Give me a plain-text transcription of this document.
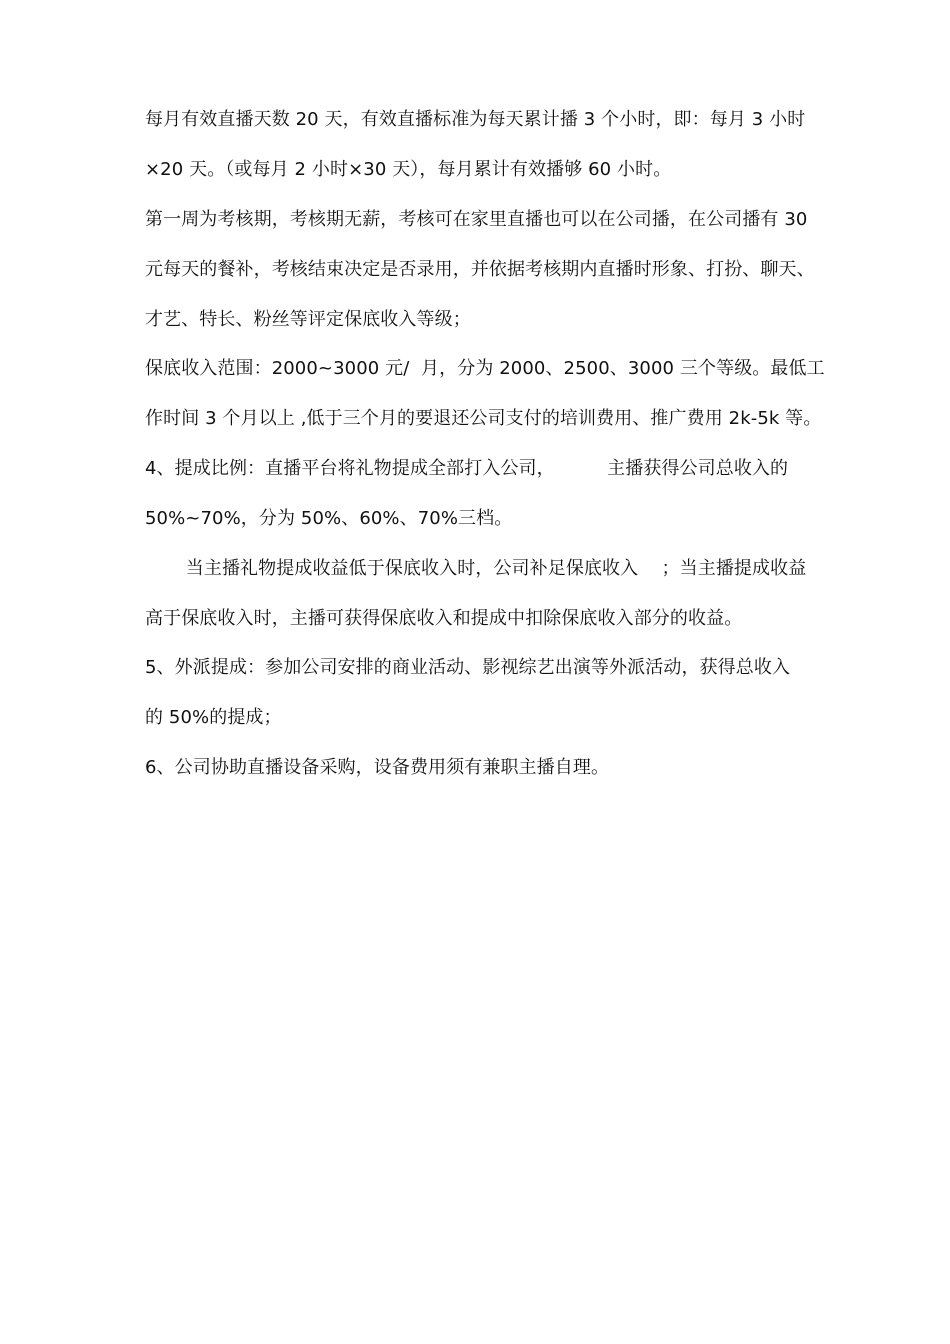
每月有效直播天数 20 天，有效直播标准为每天累计播 3 个小时，即：每月 3 小时
×20 天。（或每月 2 小时×30 天），每月累计有效播够 60 小时。
第一周为考核期，考核期无薪，考核可在家里直播也可以在公司播，在公司播有 30
元每天的餐补，考核结束决定是否录用，并依据考核期内直播时形象、打扮、聊天、
才艺、特长、粉丝等评定保底收入等级；
保底收入范围：2000~3000 元/  月，分为 2000、2500、3000 三个等级。最低工
作时间 3 个月以上 ,低于三个月的要退还公司支付的培训费用、推广费用 2k-5k 等。
4、提成比例：直播平台将礼物提成全部打入公司，         主播获得公司总收入的
50%~70%，分为 50%、60%、70%三档。
当主播礼物提成收益低于保底收入时，公司补足保底收入    ；当主播提成收益
高于保底收入时，主播可获得保底收入和提成中扣除保底收入部分的收益。
5、外派提成：参加公司安排的商业活动、影视综艺出演等外派活动，获得总收入
的 50%的提成；
6、公司协助直播设备采购，设备费用须有兼职主播自理。
